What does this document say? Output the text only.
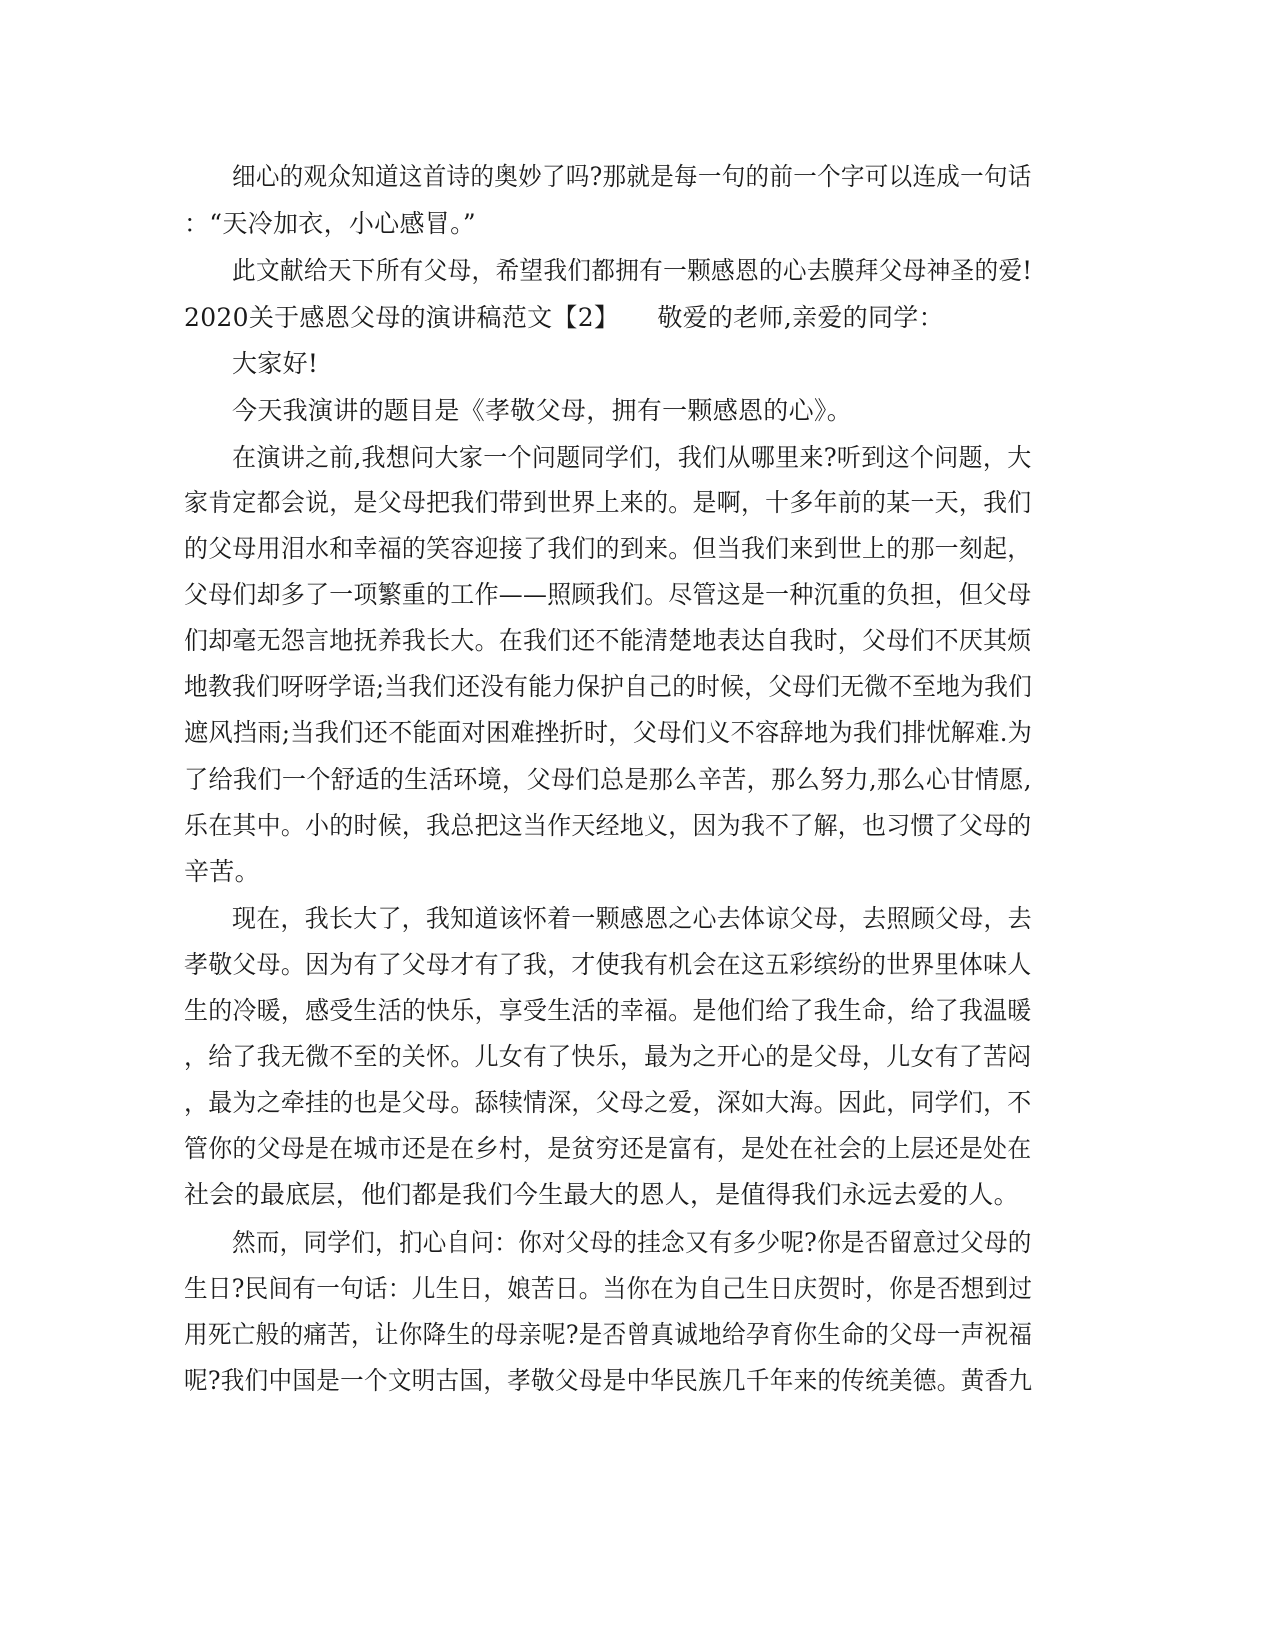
细心的观众知道这首诗的奥妙了吗?那就是每一句的前一个字可以连成一句话
：“天冷加衣，小心感冒。”
此文献给天下所有父母，希望我们都拥有一颗感恩的心去膜拜父母神圣的爱!
2020关于感恩父母的演讲稿范文【2】　　敬爱的老师,亲爱的同学：
大家好!
今天我演讲的题目是《孝敬父母，拥有一颗感恩的心》。
在演讲之前,我想问大家一个问题同学们，我们从哪里来?听到这个问题，大
家肯定都会说，是父母把我们带到世界上来的。是啊，十多年前的某一天，我们
的父母用泪水和幸福的笑容迎接了我们的到来。但当我们来到世上的那一刻起，
父母们却多了一项繁重的工作——照顾我们。尽管这是一种沉重的负担，但父母
们却毫无怨言地抚养我长大。在我们还不能清楚地表达自我时，父母们不厌其烦
地教我们呀呀学语;当我们还没有能力保护自己的时候，父母们无微不至地为我们
遮风挡雨;当我们还不能面对困难挫折时，父母们义不容辞地为我们排忧解难.为
了给我们一个舒适的生活环境，父母们总是那么辛苦，那么努力,那么心甘情愿,
乐在其中。小的时候，我总把这当作天经地义，因为我不了解，也习惯了父母的
辛苦。
现在，我长大了，我知道该怀着一颗感恩之心去体谅父母，去照顾父母，去
孝敬父母。因为有了父母才有了我，才使我有机会在这五彩缤纷的世界里体味人
生的冷暖，感受生活的快乐，享受生活的幸福。是他们给了我生命，给了我温暖
，给了我无微不至的关怀。儿女有了快乐，最为之开心的是父母，儿女有了苦闷
，最为之牵挂的也是父母。舔犊情深，父母之爱，深如大海。因此，同学们，不
管你的父母是在城市还是在乡村，是贫穷还是富有，是处在社会的上层还是处在
社会的最底层，他们都是我们今生最大的恩人，是值得我们永远去爱的人。
然而，同学们，扪心自问：你对父母的挂念又有多少呢?你是否留意过父母的
生日?民间有一句话：儿生日，娘苦日。当你在为自己生日庆贺时，你是否想到过
用死亡般的痛苦，让你降生的母亲呢?是否曾真诚地给孕育你生命的父母一声祝福
呢?我们中国是一个文明古国，孝敬父母是中华民族几千年来的传统美德。黄香九
